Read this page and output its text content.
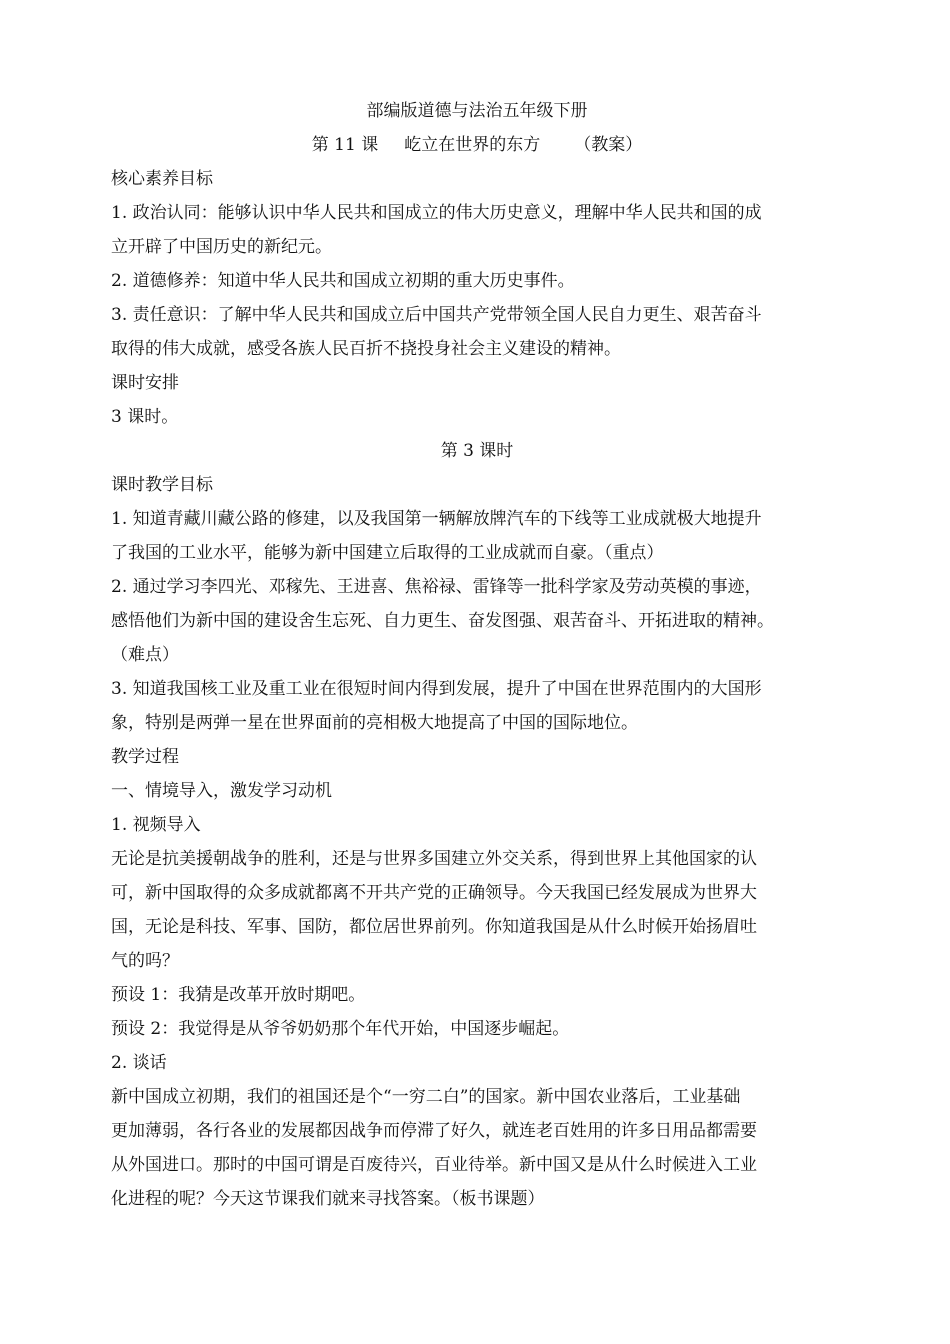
部编版道德与法治五年级下册
第 11 课 屹立在世界的东方 （教案）
核心素养目标
1. 政治认同：能够认识中华人民共和国成立的伟大历史意义，理解中华人民共和国的成
立开辟了中国历史的新纪元。
2. 道德修养：知道中华人民共和国成立初期的重大历史事件。
3. 责任意识：了解中华人民共和国成立后中国共产党带领全国人民自力更生、艰苦奋斗
取得的伟大成就，感受各族人民百折不挠投身社会主义建设的精神。
课时安排
3 课时。
第 3 课时
课时教学目标
1. 知道青藏川藏公路的修建，以及我国第一辆解放牌汽车的下线等工业成就极大地提升
了我国的工业水平，能够为新中国建立后取得的工业成就而自豪。（重点）
2. 通过学习李四光、邓稼先、王进喜、焦裕禄、雷锋等一批科学家及劳动英模的事迹，
感悟他们为新中国的建设舍生忘死、自力更生、奋发图强、艰苦奋斗、开拓进取的精神。
（难点）
3. 知道我国核工业及重工业在很短时间内得到发展，提升了中国在世界范围内的大国形
象，特别是两弹一星在世界面前的亮相极大地提高了中国的国际地位。
教学过程
一、情境导入，激发学习动机
1. 视频导入
无论是抗美援朝战争的胜利，还是与世界多国建立外交关系，得到世界上其他国家的认
可，新中国取得的众多成就都离不开共产党的正确领导。今天我国已经发展成为世界大
国，无论是科技、军事、国防，都位居世界前列。你知道我国是从什么时候开始扬眉吐
气的吗？
预设 1：我猜是改革开放时期吧。
预设 2：我觉得是从爷爷奶奶那个年代开始，中国逐步崛起。
2. 谈话
新中国成立初期，我们的祖国还是个“一穷二白”的国家。新中国农业落后，工业基础
更加薄弱，各行各业的发展都因战争而停滞了好久，就连老百姓用的许多日用品都需要
从外国进口。那时的中国可谓是百废待兴，百业待举。新中国又是从什么时候进入工业
化进程的呢？今天这节课我们就来寻找答案。（板书课题）
